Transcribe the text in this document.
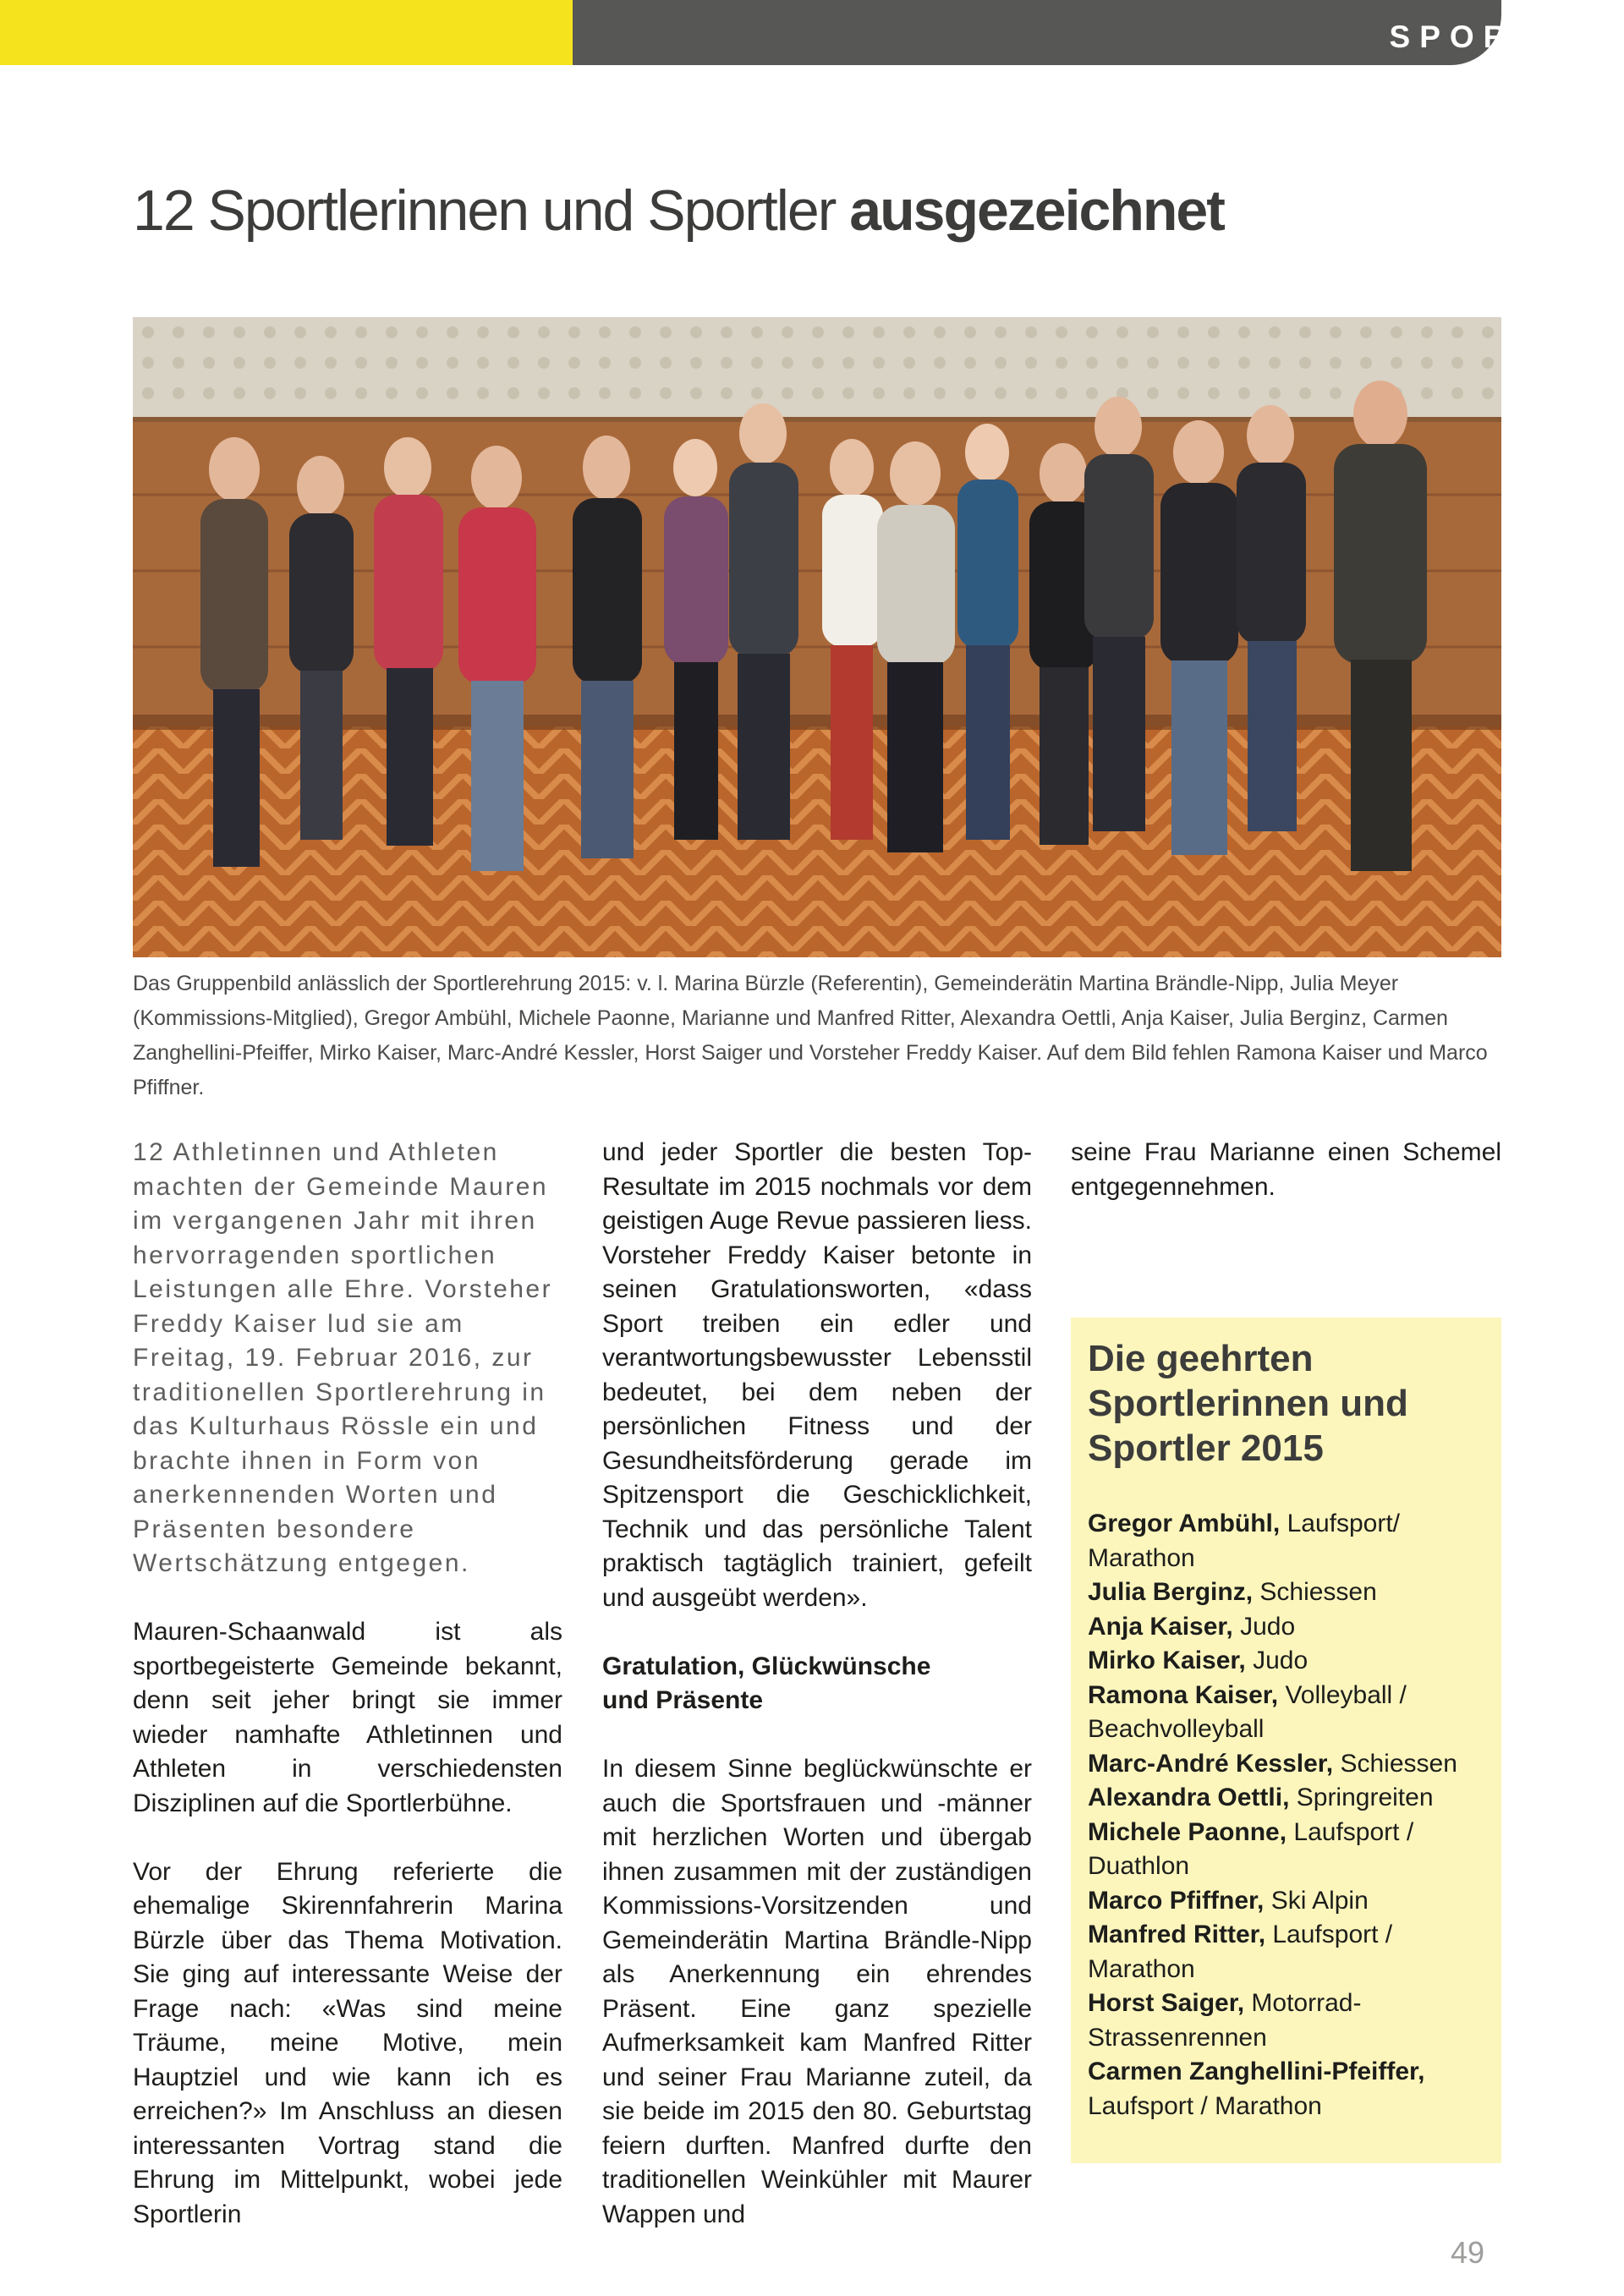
SPORT
12 Sportlerinnen und Sportler ausgezeichnet

Das Gruppenbild anlässlich der Sportlerehrung 2015: v. l. Marina Bürzle (Referentin), Gemeinderätin Martina Brändle-Nipp, Julia Meyer (Kommissions-Mitglied), Gregor Ambühl, Michele Paonne, Marianne und Manfred Ritter, Alexandra Oettli, Anja Kaiser, Julia Berginz, Carmen Zanghellini-Pfeiffer, Mirko Kaiser, Marc-André Kessler, Horst Saiger und Vorsteher Freddy Kaiser. Auf dem Bild fehlen Ramona Kaiser und Marco Pfiffner.

12 Athletinnen und Athleten machten der Gemeinde Mauren im vergangenen Jahr mit ihren hervorragenden sportlichen Leistungen alle Ehre. Vorsteher Freddy Kaiser lud sie am Freitag, 19. Februar 2016, zur traditionellen Sportlerehrung in das Kulturhaus Rössle ein und brachte ihnen in Form von anerkennenden Worten und Präsenten besondere Wertschätzung entgegen.

Mauren-Schaanwald ist als sportbegeisterte Gemeinde bekannt, denn seit jeher bringt sie immer wieder namhafte Athletinnen und Athleten in verschiedensten Disziplinen auf die Sportlerbühne.

Vor der Ehrung referierte die ehemalige Skirennfahrerin Marina Bürzle über das Thema Motivation. Sie ging auf interessante Weise der Frage nach: «Was sind meine Träume, meine Motive, mein Hauptziel und wie kann ich es erreichen?» Im Anschluss an diesen interessanten Vortrag stand die Ehrung im Mittelpunkt, wobei jede Sportlerin

und jeder Sportler die besten Top-Resultate im 2015 nochmals vor dem geistigen Auge Revue passieren liess. Vorsteher Freddy Kaiser betonte in seinen Gratulationsworten, «dass Sport treiben ein edler und verantwortungsbewusster Lebensstil bedeutet, bei dem neben der persönlichen Fitness und der Gesundheitsförderung gerade im Spitzensport die Geschicklichkeit, Technik und das persönliche Talent praktisch tagtäglich trainiert, gefeilt und ausgeübt werden».

Gratulation, Glückwünsche
und Präsente

In diesem Sinne beglückwünschte er auch die Sportsfrauen und -männer mit herzlichen Worten und übergab ihnen zusammen mit der zuständigen Kommissions-Vorsitzenden und Gemeinderätin Martina Brändle-Nipp als Anerkennung ein ehrendes Präsent. Eine ganz spezielle Aufmerksamkeit kam Manfred Ritter und seiner Frau Marianne zuteil, da sie beide im 2015 den 80. Geburtstag feiern durften. Manfred durfte den traditionellen Weinkühler mit Maurer Wappen und

seine Frau Marianne einen Schemel entgegennehmen.

Die geehrten Sportlerinnen und Sportler 2015
Gregor Ambühl, Laufsport/ Marathon
Julia Berginz, Schiessen
Anja Kaiser, Judo
Mirko Kaiser, Judo
Ramona Kaiser, Volleyball / Beachvolleyball
Marc-André Kessler, Schiessen
Alexandra Oettli, Springreiten
Michele Paonne, Laufsport / Duathlon
Marco Pfiffner, Ski Alpin
Manfred Ritter, Laufsport / Marathon
Horst Saiger, Motorrad-Strassenrennen
Carmen Zanghellini-Pfeiffer, Laufsport / Marathon
49
